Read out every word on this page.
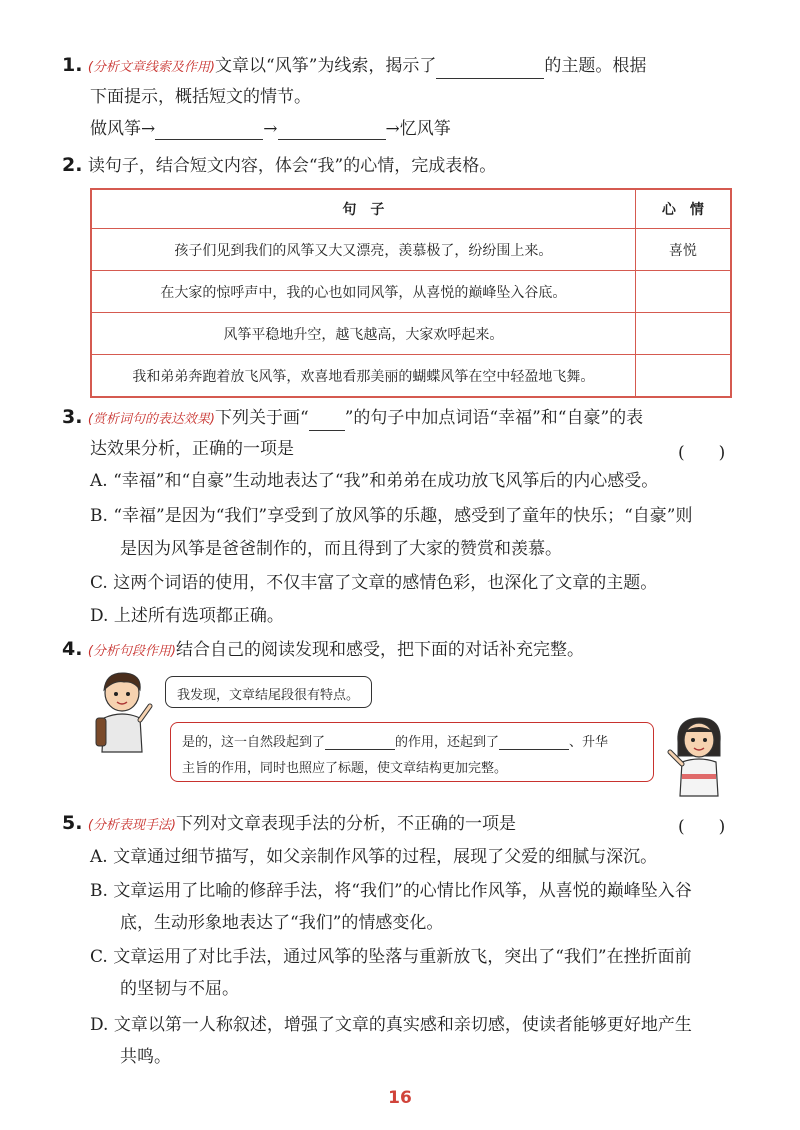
1. (分析文章线索及作用)文章以“风筝”为线索，揭示了	的主题。根据
下面提示，概括短文的情节。
做风筝→	→	→忆风筝
2. 读句子，结合短文内容，体会“我”的心情，完成表格。
句　子	心　情
孩子们见到我们的风筝又大又漂亮，羡慕极了，纷纷围上来。	喜悦
在大家的惊呼声中，我的心也如同风筝，从喜悦的巅峰坠入谷底。	
风筝平稳地升空，越飞越高，大家欢呼起来。	
我和弟弟奔跑着放飞风筝，欢喜地看那美丽的蝴蝶风筝在空中轻盈地飞舞。	
3. (赏析词句的表达效果)下列关于画“ ”的句子中加点词语“幸福”和“自豪”的表
达效果分析，正确的一项是	(　　)
A. “幸福”和“自豪”生动地表达了“我”和弟弟在成功放飞风筝后的内心感受。
B. “幸福”是因为“我们”享受到了放风筝的乐趣，感受到了童年的快乐；“自豪”则
是因为风筝是爸爸制作的，而且得到了大家的赞赏和羡慕。
C. 这两个词语的使用，不仅丰富了文章的感情色彩，也深化了文章的主题。
D. 上述所有选项都正确。
4. (分析句段作用)结合自己的阅读发现和感受，把下面的对话补充完整。
我发现，文章结尾段很有特点。
是的，这一自然段起到了	的作用，还起到了	、升华
主旨的作用，同时也照应了标题，使文章结构更加完整。
5. (分析表现手法)下列对文章表现手法的分析，不正确的一项是	(　　)
A. 文章通过细节描写，如父亲制作风筝的过程，展现了父爱的细腻与深沉。
B. 文章运用了比喻的修辞手法，将“我们”的心情比作风筝，从喜悦的巅峰坠入谷
底，生动形象地表达了“我们”的情感变化。
C. 文章运用了对比手法，通过风筝的坠落与重新放飞，突出了“我们”在挫折面前
的坚韧与不屈。
D. 文章以第一人称叙述，增强了文章的真实感和亲切感，使读者能够更好地产生
共鸣。
16
